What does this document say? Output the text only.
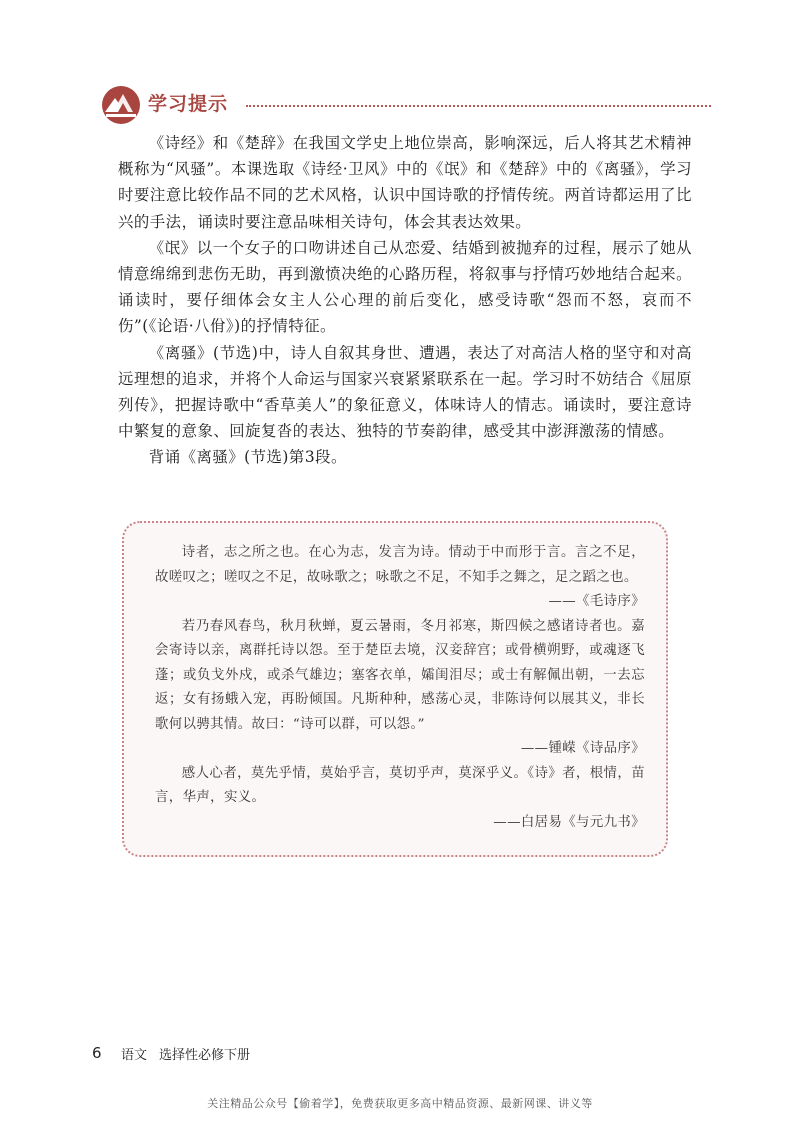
学习提示

《诗经》和《楚辞》在我国文学史上地位崇高，影响深远，后人将其艺术精神概称为“风骚”。本课选取《诗经·卫风》中的《氓》和《楚辞》中的《离骚》，学习时要注意比较作品不同的艺术风格，认识中国诗歌的抒情传统。两首诗都运用了比兴的手法，诵读时要注意品味相关诗句，体会其表达效果。

《氓》以一个女子的口吻讲述自己从恋爱、结婚到被抛弃的过程，展示了她从情意绵绵到悲伤无助，再到激愤决绝的心路历程，将叙事与抒情巧妙地结合起来。诵读时，要仔细体会女主人公心理的前后变化，感受诗歌“怨而不怒，哀而不伤”(《论语·八佾》)的抒情特征。

《离骚》(节选)中，诗人自叙其身世、遭遇，表达了对高洁人格的坚守和对高远理想的追求，并将个人命运与国家兴衰紧紧联系在一起。学习时不妨结合《屈原列传》，把握诗歌中“香草美人”的象征意义，体味诗人的情志。诵读时，要注意诗中繁复的意象、回旋复沓的表达、独特的节奏韵律，感受其中澎湃激荡的情感。

背诵《离骚》(节选)第3段。

诗者，志之所之也。在心为志，发言为诗。情动于中而形于言。言之不足，故嗟叹之；嗟叹之不足，故咏歌之；咏歌之不足，不知手之舞之，足之蹈之也。

——《毛诗序》

若乃春风春鸟，秋月秋蝉，夏云暑雨，冬月祁寒，斯四候之感诸诗者也。嘉会寄诗以亲，离群托诗以怨。至于楚臣去境，汉妾辞宫；或骨横朔野，或魂逐飞蓬；或负戈外戍，或杀气雄边；塞客衣单，孀闺泪尽；或士有解佩出朝，一去忘返；女有扬蛾入宠，再盼倾国。凡斯种种，感荡心灵，非陈诗何以展其义，非长歌何以骋其情。故曰：“诗可以群，可以怨。”

——锺嵘《诗品序》

感人心者，莫先乎情，莫始乎言，莫切乎声，莫深乎义。《诗》者，根情，苗言，华声，实义。

——白居易《与元九书》

6 语文 选择性必修下册
关注精品公众号【偷着学】，免费获取更多高中精品资源、最新网课、讲义等
